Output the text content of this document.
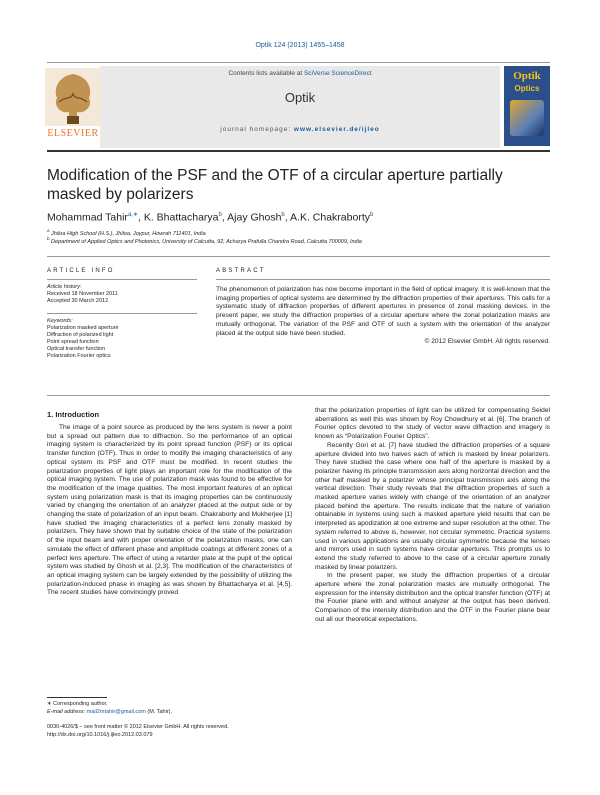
Optik 124 (2013) 1455–1458
Contents lists available at SciVerse ScienceDirect
Optik
journal homepage: www.elsevier.de/ijleo
ELSEVIER
Optik
Optics
Modification of the PSF and the OTF of a circular aperture partially masked by polarizers
Mohammad Tahir$^{a,∗}$, K. Bhattacharya$^b$, Ajay Ghosh$^b$, A.K. Chakraborty$^b$
$^a$ Jhiloa High School (H.S.), Jhiloa, Joypur, Howrah 711401, India
$^b$ Department of Applied Optics and Photonics, University of Calcutta, 92, Acharya Prafulla Chandra Road, Calcutta 700009, India
ARTICLE INFO
Article history:
Received 18 November 2011
Accepted 30 March 2012
Keywords:
Polarization masked aperture
Diffraction of polarized light
Point spread function
Optical transfer function
Polarization Fourier optics
ABSTRACT
The phenomenon of polarization has now become important in the field of optical imagery. It is well-known that the imaging properties of optical systems are determined by the diffraction properties of their apertures. This calls for a systematic study of diffraction properties of different apertures in presence of zonal masking devices. In the present paper, we study the diffraction properties of a circular aperture where the zonal polarization masks are mutually orthogonal. The variation of the PSF and OTF of such a system with the orientation of the analyzer placed at the output side have been studied.
© 2012 Elsevier GmbH. All rights reserved.
1. Introduction

The image of a point source as produced by the lens system is never a point but a spread out pattern due to diffraction. So the performance of an optical imaging system is characterized by its point spread function (PSF) or its optical transfer function (OTF). Thus in order to modify the imaging characteristics of any optical system its PSF and OTF must be modified. In recent studies the polarization properties of light plays an important role for the modification of the optical imaging system. The use of polarization mask was found to be effective for the modification of the image qualities. The most important features of an optical system using polarization mask is that its imaging properties can be continuously varied by changing the orientation of an analyzer placed at the output side or by changing the state of polarization of an input beam. Chakraborty and Mukherjee [1] have studied the imaging characteristics of a perfect lens zonally masked by polarizers. They have shown that by suitable choice of the state of the polarization of the input beam and with proper orientation of the polarization masks, one can simulate the effect of different phase and amplitude coatings at different zones of a perfect lens aperture. The effect of using a retarder plate at the pupil of the optical system was studied by Ghosh et al. [2,3]. The modification of the characteristics of an optical imaging system can be largely extended by the possibility of utilizing the polarization-induced phase in imaging as was shown by Bhattacharya et al. [4,5]. The recent studies have convincingly proved

that the polarization properties of light can be utilized for compensating Seidel aberrations as well this was shown by Roy Chowdhury et al. [6]. The branch of Fourier optics devoted to the study of vector wave diffraction and imagery is known as “Polarization Fourier Optics”.

Recently Gori et al. [7] have studied the diffraction properties of a square aperture divided into two halves each of which is masked by linear polarizers. They have studied the case where one half of the aperture is masked by a polarizer having its principle transmission axis along horizontal direction and the other half masked by a polarizer whose principal transmission axis along the vertical direction. Their study reveals that the diffraction properties of such a masked aperture varies widely with change of the orientation of an analyzer placed behind the aperture. The results indicate that the nature of variation obtainable in systems using such a masked aperture yield results that can be interpreted as apodization at one extreme and super resolution at the other. The system referred to above is, however, not circular symmetric. Practical systems used in various applications are usually circular symmetric because the lenses and mirrors used in such systems have circular apertures. This prompts us to extend the study referred to above to the case of a circular aperture zonally masked by linear polarizers.

In the present paper, we study the diffraction properties of a circular aperture where the zonal polarization masks are mutually orthogonal. The expression for the intensity distribution and the optical transfer function (OTF) at the Fourier plane with and without analyzer at the output has been derived. Comparison of the intensity distribution and the OTF in the Fourier plane bear out all our theoretical expectations.

∗ Corresponding author.
E-mail address: mail2mtahir@gmail.com (M. Tahir).
0030-4026/$ – see front matter © 2012 Elsevier GmbH. All rights reserved.
http://dx.doi.org/10.1016/j.ijleo.2012.03.079
